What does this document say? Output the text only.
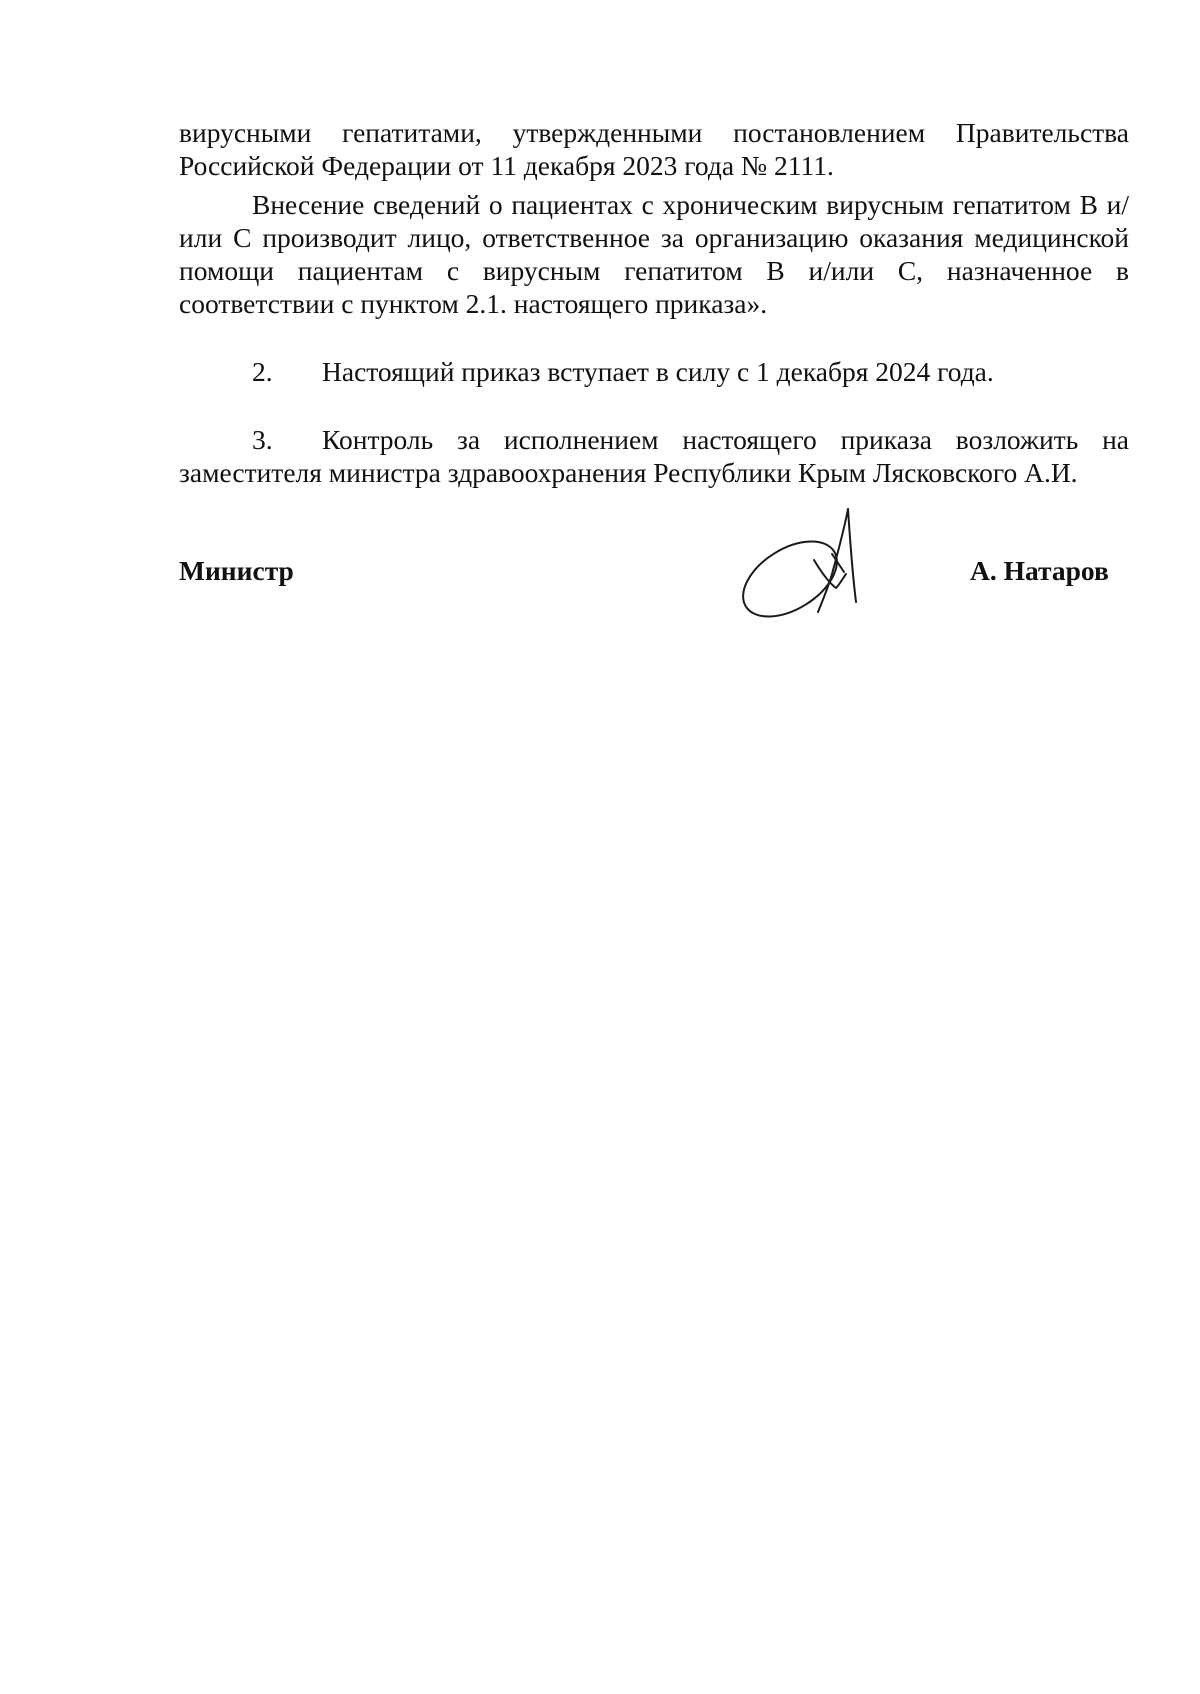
вирусными гепатитами, утвержденными постановлением Правительства Российской Федерации от 11 декабря 2023 года № 2111.
Внесение сведений о пациентах с хроническим вирусным гепатитом В и/или С производит лицо, ответственное за организацию оказания медицинской помощи пациентам с вирусным гепатитом В и/или С, назначенное в соответствии с пунктом 2.1. настоящего приказа».
2. Настоящий приказ вступает в силу с 1 декабря 2024 года.
3. Контроль за исполнением настоящего приказа возложить на заместителя министра здравоохранения Республики Крым Лясковского А.И.
Министр	А. Натаров
